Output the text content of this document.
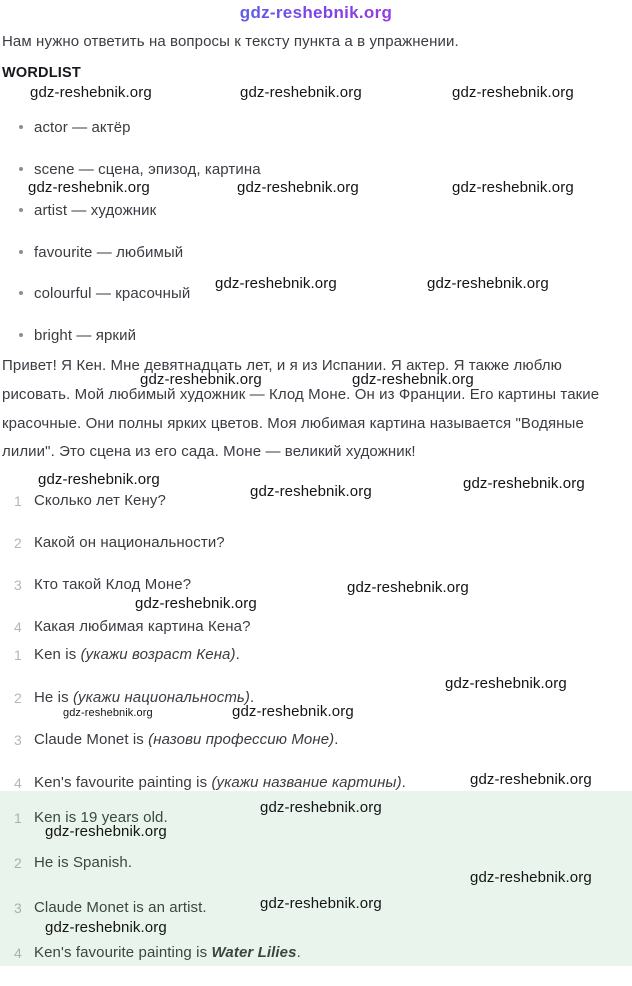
gdz-reshebnik.org

Нам нужно ответить на вопросы к тексту пункта а в упражнении.

WORDLIST
actor — актёр
scene — сцена, эпизод, картина
artist — художник
favourite — любимый
colourful — красочный
bright — яркий

Привет! Я Кен. Мне девятнадцать лет, и я из Испании. Я актер. Я также люблю рисовать. Мой любимый художник — Клод Моне. Он из Франции. Его картины такие красочные. Они полны ярких цветов. Моя любимая картина называется "Водяные лилии". Это сцена из его сада. Моне — великий художник!

1 Сколько лет Кену?
2 Какой он национальности?
3 Кто такой Клод Моне?
4 Какая любимая картина Кена?
1 Ken is (укажи возраст Кена).
2 He is (укажи национальность).
3 Claude Monet is (назови профессию Моне).
4 Ken's favourite painting is (укажи название картины).
1 Ken is 19 years old.
2 He is Spanish.
3 Claude Monet is an artist.
4 Ken's favourite painting is Water Lilies.
gdz-reshebnik.org	gdz-reshebnik.org	gdz-reshebnik.org
gdz-reshebnik.org	gdz-reshebnik.org	gdz-reshebnik.org
gdz-reshebnik.org	gdz-reshebnik.org
gdz-reshebnik.org	gdz-reshebnik.org
gdz-reshebnik.org	gdz-reshebnik.org
gdz-reshebnik.org
gdz-reshebnik.org
gdz-reshebnik.org
gdz-reshebnik.org
gdz-reshebnik.org	gdz-reshebnik.org
gdz-reshebnik.org
gdz-reshebnik.org
gdz-reshebnik.org
gdz-reshebnik.org
gdz-reshebnik.org
gdz-reshebnik.org
